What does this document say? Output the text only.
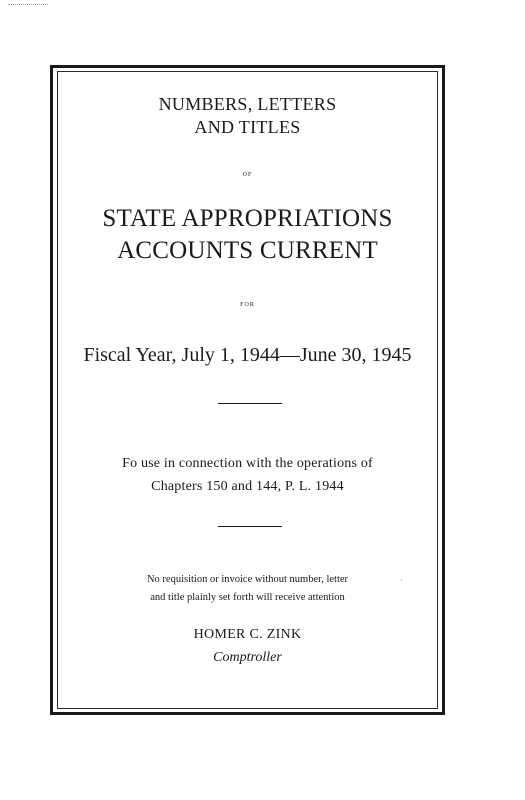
NUMBERS, LETTERS
AND TITLES
OF
STATE APPROPRIATIONS
ACCOUNTS CURRENT
FOR
Fiscal Year, July 1, 1944—June 30, 1945
Fo use in connection with the operations of
Chapters 150 and 144, P. L. 1944
No requisition or invoice without number, letter
and title plainly set forth will receive attention
·
HOMER C. ZINK
Comptroller
